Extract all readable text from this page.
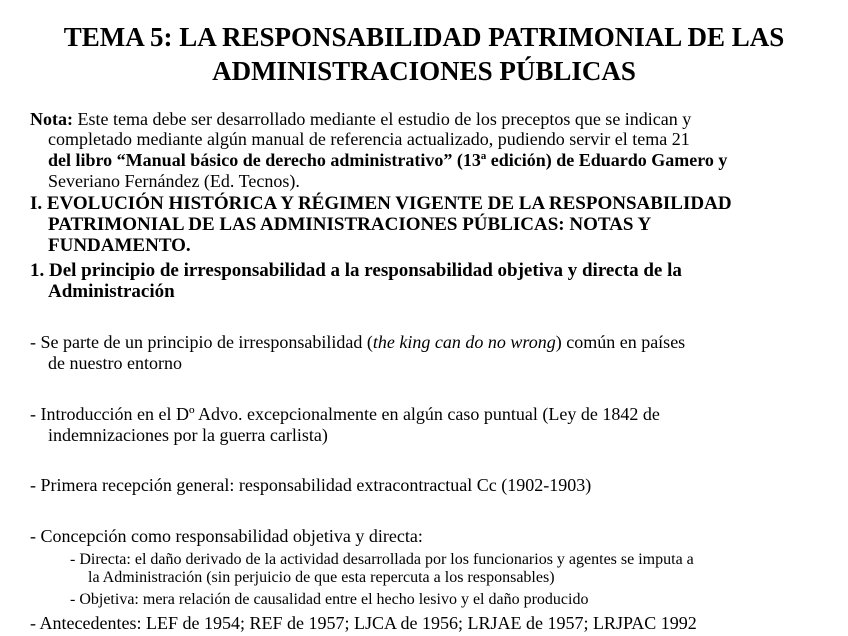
TEMA 5: LA RESPONSABILIDAD PATRIMONIAL DE LAS
ADMINISTRACIONES PÚBLICAS
Nota: Este tema debe ser desarrollado mediante el estudio de los preceptos que se indican y
completado mediante algún manual de referencia actualizado, pudiendo servir el tema 21
del libro “Manual básico de derecho administrativo” (13ª edición) de Eduardo Gamero y
Severiano Fernández (Ed. Tecnos).
I. EVOLUCIÓN HISTÓRICA Y RÉGIMEN VIGENTE DE LA RESPONSABILIDAD
PATRIMONIAL DE LAS ADMINISTRACIONES PÚBLICAS: NOTAS Y
FUNDAMENTO.
1. Del principio de irresponsabilidad a la responsabilidad objetiva y directa de la
Administración
- Se parte de un principio de irresponsabilidad (the king can do no wrong) común en países
de nuestro entorno
- Introducción en el Dº Advo. excepcionalmente en algún caso puntual (Ley de 1842 de
indemnizaciones por la guerra carlista)
- Primera recepción general: responsabilidad extracontractual Cc (1902-1903)
- Concepción como responsabilidad objetiva y directa:
- Directa: el daño derivado de la actividad desarrollada por los funcionarios y agentes se imputa a
la Administración (sin perjuicio de que esta repercuta a los responsables)
- Objetiva: mera relación de causalidad entre el hecho lesivo y el daño producido
- Antecedentes: LEF de 1954; REF de 1957; LJCA de 1956; LRJAE de 1957; LRJPAC 1992
